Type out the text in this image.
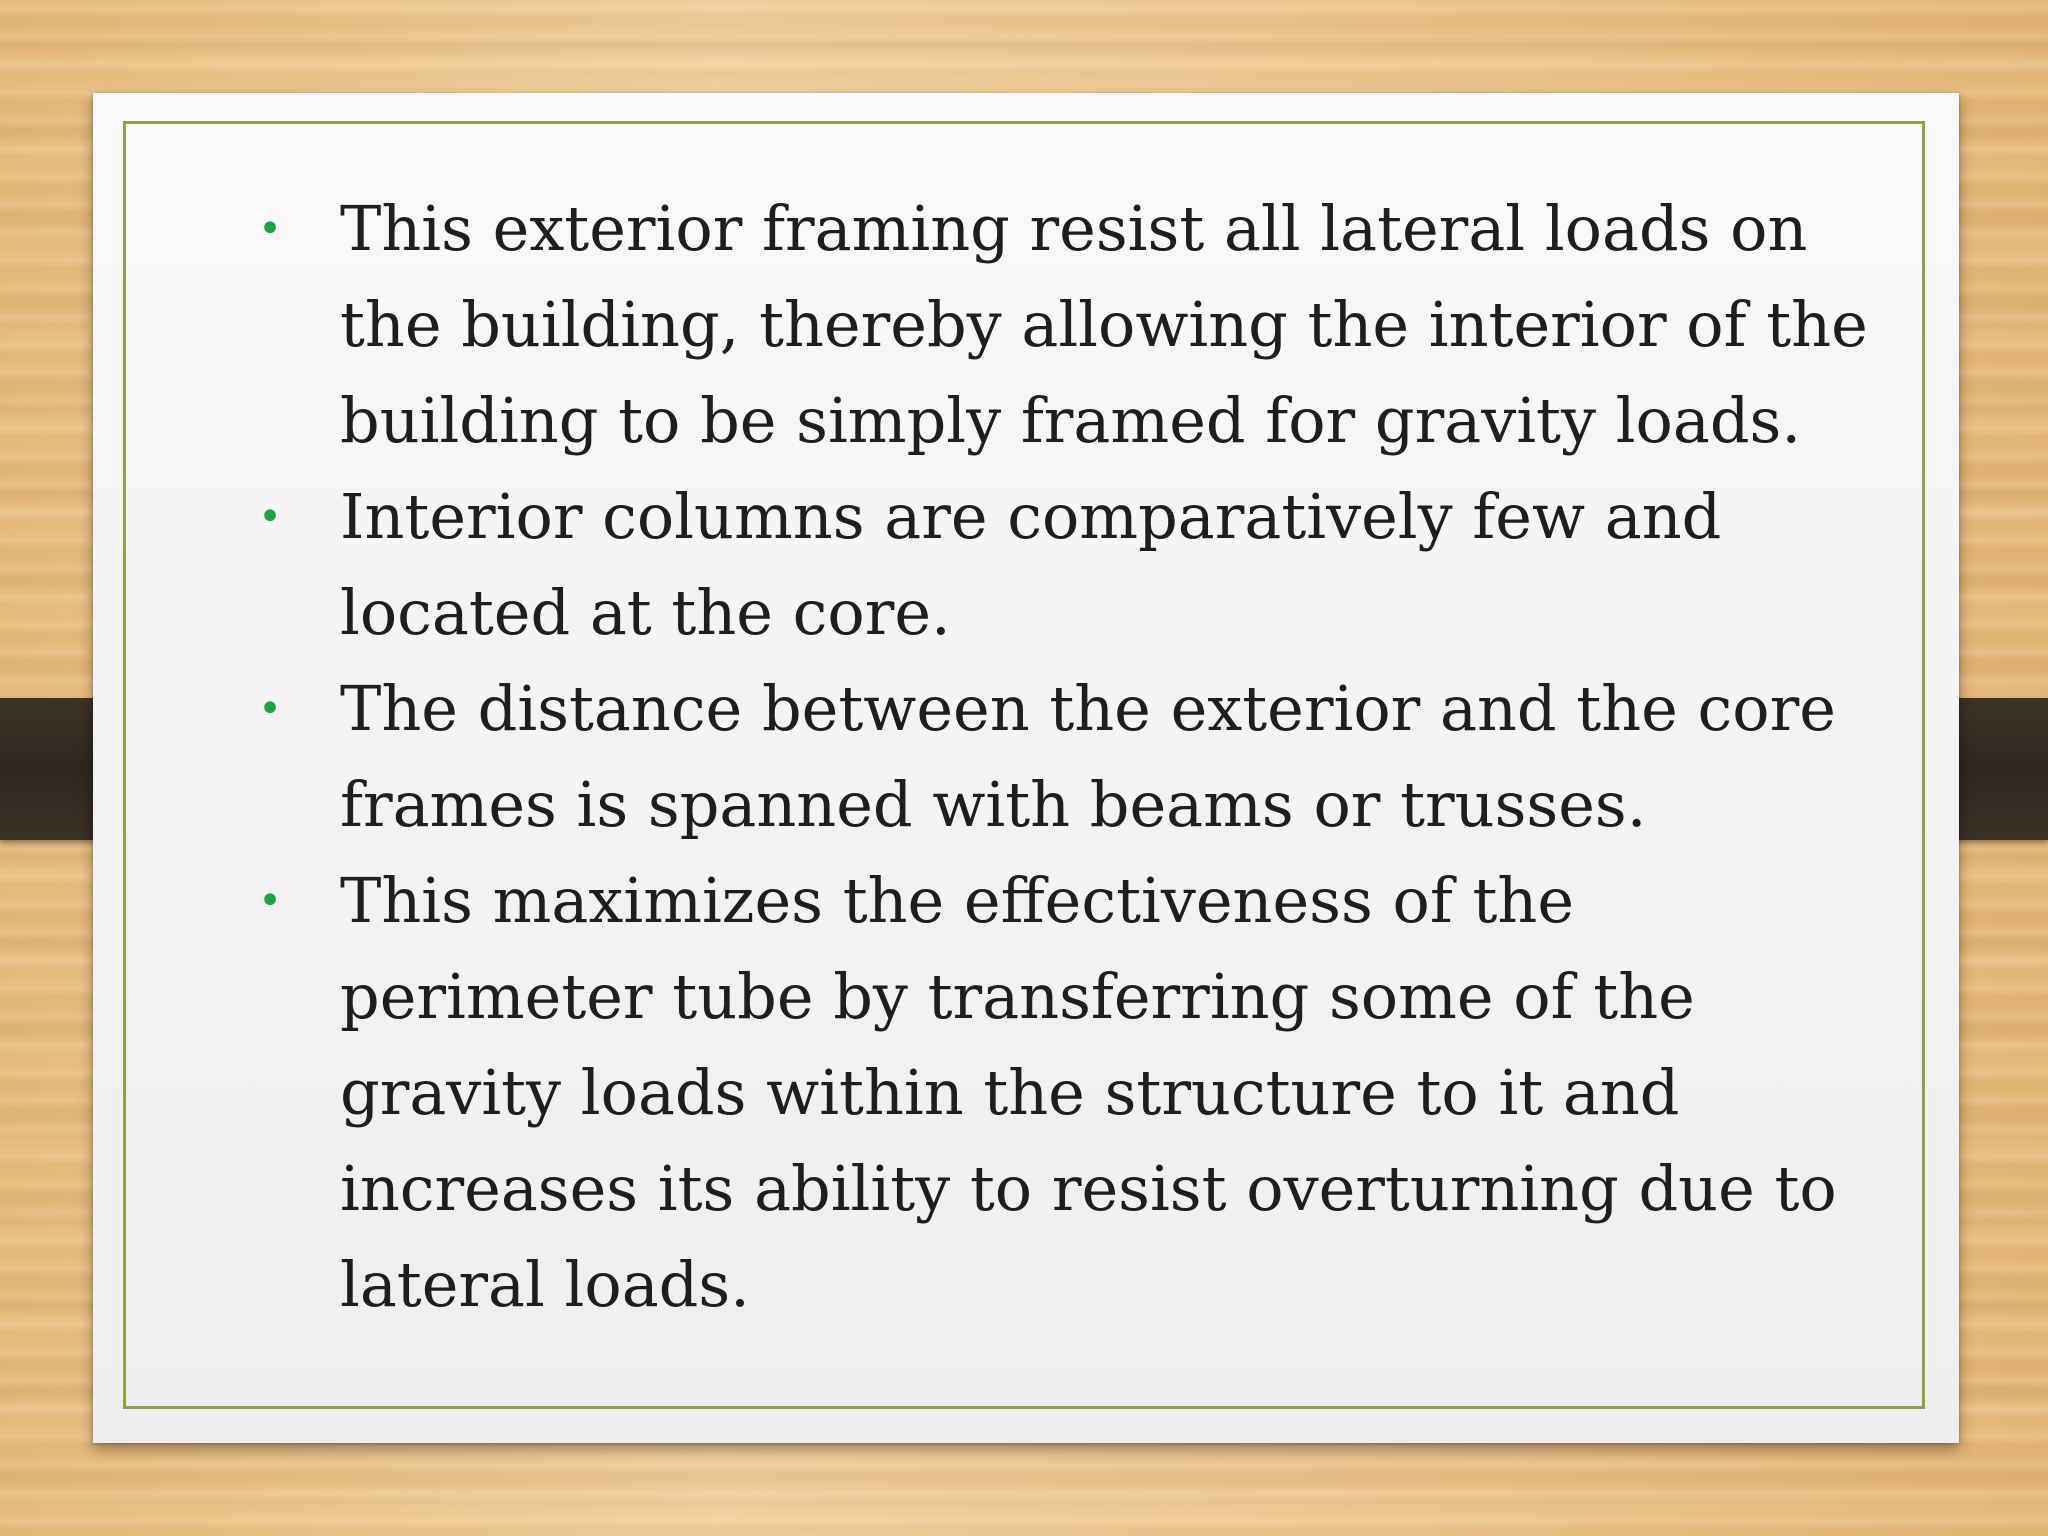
• This exterior framing resist all lateral loads on the building, thereby allowing the interior of the building to be simply framed for gravity loads.
• Interior columns are comparatively few and located at the core.
• The distance between the exterior and the core frames is spanned with beams or trusses.
• This maximizes the effectiveness of the perimeter tube by transferring some of the gravity loads within the structure to it and increases its ability to resist overturning due to lateral loads.
